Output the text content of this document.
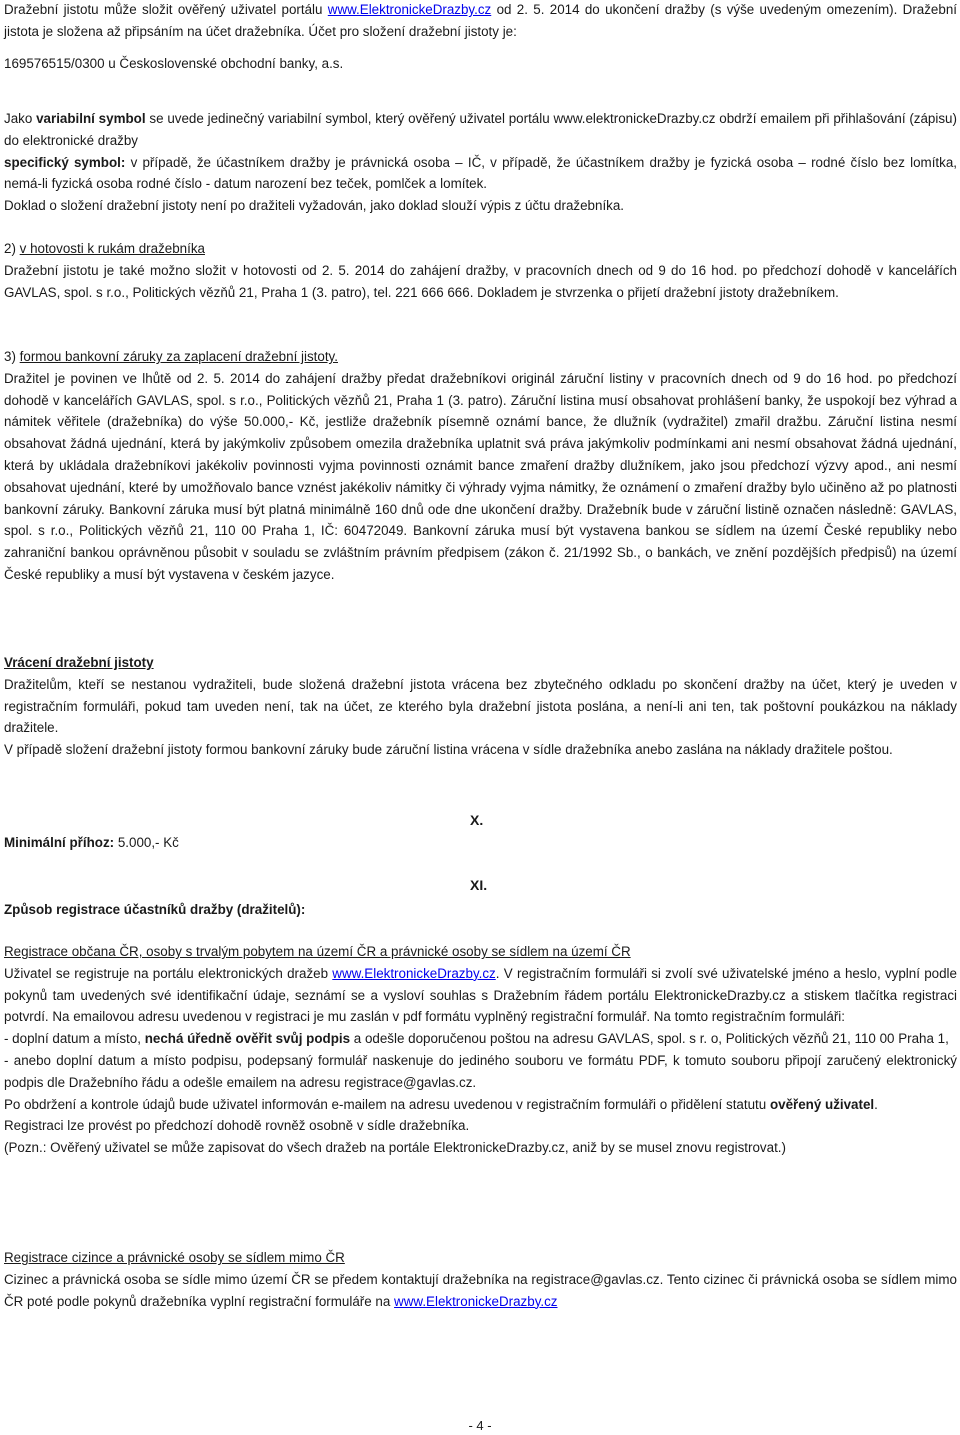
Dražební jistotu může složit ověřený uživatel portálu www.ElektronickeDrazby.cz od 2. 5. 2014 do ukončení dražby (s výše uvedeným omezením). Dražební jistota je složena až připsáním na účet dražebníka. Účet pro složení dražební jistoty je:

169576515/0300 u Československé obchodní banky, a.s.

Jako variabilní symbol se uvede jedinečný variabilní symbol, který ověřený uživatel portálu www.elektronickeDrazby.cz obdrží emailem při přihlašování (zápisu) do elektronické dražby

specifický symbol: v případě, že účastníkem dražby je právnická osoba – IČ, v případě, že účastníkem dražby je fyzická osoba – rodné číslo bez lomítka, nemá-li fyzická osoba rodné číslo - datum narození bez teček, pomlček a lomítek.

Doklad o složení dražební jistoty není po dražiteli vyžadován, jako doklad slouží výpis z účtu dražebníka.

2) v hotovosti k rukám dražebníka

Dražební jistotu je také možno složit v hotovosti od 2. 5. 2014 do zahájení dražby, v pracovních dnech od 9 do 16 hod. po předchozí dohodě v kancelářích GAVLAS, spol. s r.o., Politických vězňů 21, Praha 1 (3. patro), tel. 221 666 666. Dokladem je stvrzenka o přijetí dražební jistoty dražebníkem.

3) formou bankovní záruky za zaplacení dražební jistoty.

Dražitel je povinen ve lhůtě od 2. 5. 2014 do zahájení dražby předat dražebníkovi originál záruční listiny v pracovních dnech od 9 do 16 hod. po předchozí dohodě v kancelářích GAVLAS, spol. s r.o., Politických vězňů 21, Praha 1 (3. patro). Záruční listina musí obsahovat prohlášení banky, že uspokojí bez výhrad a námitek věřitele (dražebníka) do výše 50.000,- Kč, jestliže dražebník písemně oznámí bance, že dlužník (vydražitel) zmařil dražbu. Záruční listina nesmí obsahovat žádná ujednání, která by jakýmkoliv způsobem omezila dražebníka uplatnit svá práva jakýmkoliv podmínkami ani nesmí obsahovat žádná ujednání, která by ukládala dražebníkovi jakékoliv povinnosti vyjma povinnosti oznámit bance zmaření dražby dlužníkem, jako jsou předchozí výzvy apod., ani nesmí obsahovat ujednání, které by umožňovalo bance vznést jakékoliv námitky či výhrady vyjma námitky, že oznámení o zmaření dražby bylo učiněno až po platnosti bankovní záruky. Bankovní záruka musí být platná minimálně 160 dnů ode dne ukončení dražby. Dražebník bude v záruční listině označen následně: GAVLAS, spol. s r.o., Politických vězňů 21, 110 00 Praha 1, IČ: 60472049. Bankovní záruka musí být vystavena bankou se sídlem na území České republiky nebo zahraniční bankou oprávněnou působit v souladu se zvláštním právním předpisem (zákon č. 21/1992 Sb., o bankách, ve znění pozdějších předpisů) na území České republiky a musí být vystavena v českém jazyce.

Vrácení dražební jistoty

Dražitelům, kteří se nestanou vydražiteli, bude složená dražební jistota vrácena bez zbytečného odkladu po skončení dražby na účet, který je uveden v registračním formuláři, pokud tam uveden není, tak na účet, ze kterého byla dražební jistota poslána, a není-li ani ten, tak poštovní poukázkou na náklady dražitele.

V případě složení dražební jistoty formou bankovní záruky bude záruční listina vrácena v sídle dražebníka anebo zaslána na náklady dražitele poštou.

X.
Minimální příhoz: 5.000,- Kč
XI.
Způsob registrace účastníků dražby (dražitelů):

Registrace občana ČR, osoby s trvalým pobytem na území ČR a právnické osoby se sídlem na území ČR

Uživatel se registruje na portálu elektronických dražeb www.ElektronickeDrazby.cz. V registračním formuláři si zvolí své uživatelské jméno a heslo, vyplní podle pokynů tam uvedených své identifikační údaje, seznámí se a vysloví souhlas s Dražebním řádem portálu ElektronickeDrazby.cz a stiskem tlačítka registraci potvrdí. Na emailovou adresu uvedenou v registraci je mu zaslán v pdf formátu vyplněný registrační formulář. Na tomto registračním formuláři:

- doplní datum a místo, nechá úředně ověřit svůj podpis a odešle doporučenou poštou na adresu GAVLAS, spol. s r. o, Politických vězňů 21, 110 00 Praha 1,

- anebo doplní datum a místo podpisu, podepsaný formulář naskenuje do jediného souboru ve formátu PDF, k tomuto souboru připojí zaručený elektronický podpis dle Dražebního řádu a odešle emailem na adresu registrace@gavlas.cz.

Po obdržení a kontrole údajů bude uživatel informován e-mailem na adresu uvedenou v registračním formuláři o přidělení statutu ověřený uživatel.

Registraci lze provést po předchozí dohodě rovněž osobně v sídle dražebníka.

(Pozn.: Ověřený uživatel se může zapisovat do všech dražeb na portále ElektronickeDrazby.cz, aniž by se musel znovu registrovat.)

Registrace cizince a právnické osoby se sídlem mimo ČR

Cizinec a právnická osoba se sídle mimo území ČR se předem kontaktují dražebníka na registrace@gavlas.cz. Tento cizinec či právnická osoba se sídlem mimo ČR poté podle pokynů dražebníka vyplní registrační formuláře na www.ElektronickeDrazby.cz

- 4 -
